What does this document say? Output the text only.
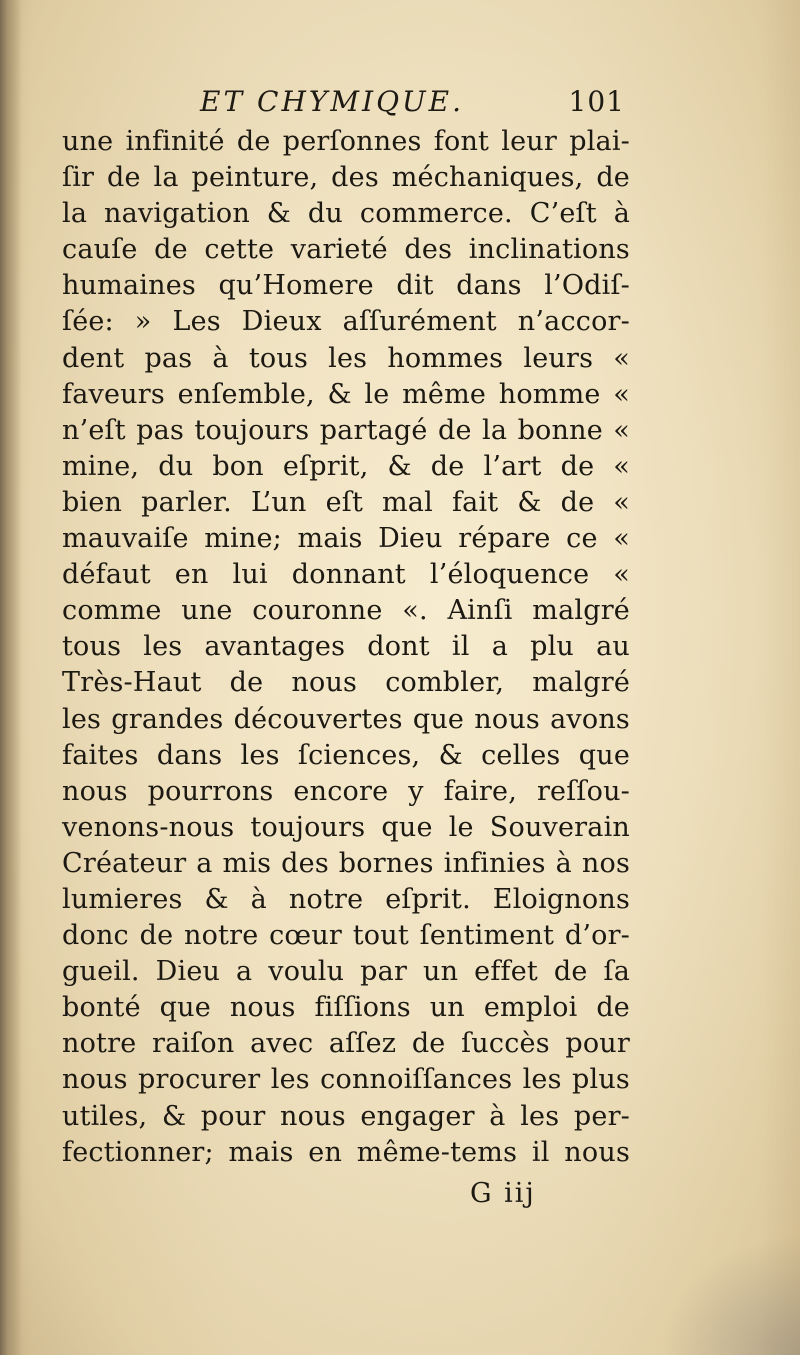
ET CHYMIQUE.	101
une infinité de perſonnes font leur plai-
ſir de la peinture, des méchaniques, de
la navigation & du commerce. C’eſt à
cauſe de cette varieté des inclinations
humaines qu’Homere dit dans l’Odiſ-
ſée: » Les Dieux aſſurément n’accor-
dent pas à tous les hommes leurs «
faveurs enſemble, & le même homme «
n’eſt pas toujours partagé de la bonne «
mine, du bon eſprit, & de l’art de «
bien parler. L’un eſt mal fait & de «
mauvaiſe mine; mais Dieu répare ce «
défaut en lui donnant l’éloquence «
comme une couronne «. Ainſi malgré
tous les avantages dont il a plu au
Très-Haut de nous combler, malgré
les grandes découvertes que nous avons
faites dans les ſciences, & celles que
nous pourrons encore y faire, reſſou-
venons-nous toujours que le Souverain
Créateur a mis des bornes infinies à nos
lumieres & à notre eſprit. Eloignons
donc de notre cœur tout ſentiment d’or-
gueil. Dieu a voulu par un effet de ſa
bonté que nous fiſſions un emploi de
notre raiſon avec aſſez de ſuccès pour
nous procurer les connoiſſances les plus
utiles, & pour nous engager à les per-
fectionner; mais en même-tems il nous
G iij
